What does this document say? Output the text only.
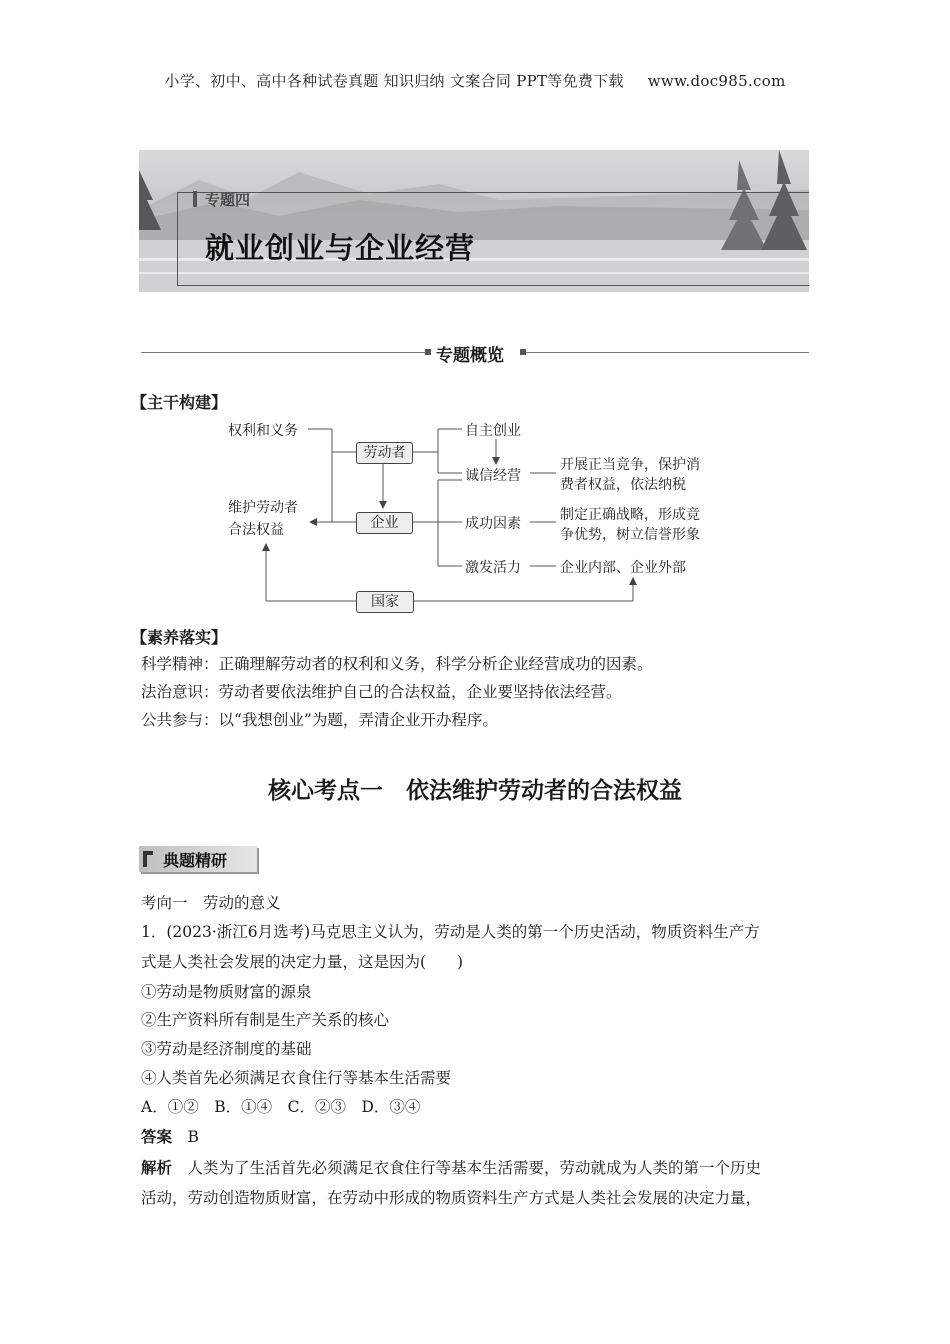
小学、初中、高中各种试卷真题 知识归纳 文案合同 PPT等免费下载 www.doc985.com
专题四
就业创业与企业经营
专题概览
【主干构建】
权利和义务
劳动者
维护劳动者
合法权益	企业
国家
自主创业
诚信经营
开展正当竞争，保护消
费者权益，依法纳税
成功因素
制定正确战略，形成竞
争优势，树立信誉形象
激发活力	企业内部、企业外部
【素养落实】
科学精神：正确理解劳动者的权利和义务，科学分析企业经营成功的因素。
法治意识：劳动者要依法维护自己的合法权益，企业要坚持依法经营。
公共参与：以“我想创业”为题，弄清企业开办程序。
核心考点一　依法维护劳动者的合法权益
典题精研
考向一　劳动的意义
1．(2023·浙江6月选考)马克思主义认为，劳动是人类的第一个历史活动，物质资料生产方
式是人类社会发展的决定力量，这是因为(　　)
①劳动是物质财富的源泉
②生产资料所有制是生产关系的核心
③劳动是经济制度的基础
④人类首先必须满足衣食住行等基本生活需要
A．①②　B．①④　C．②③　D．③④
答案　 B
解析　 人类为了生活首先必须满足衣食住行等基本生活需要，劳动就成为人类的第一个历史
活动，劳动创造物质财富，在劳动中形成的物质资料生产方式是人类社会发展的决定力量，
